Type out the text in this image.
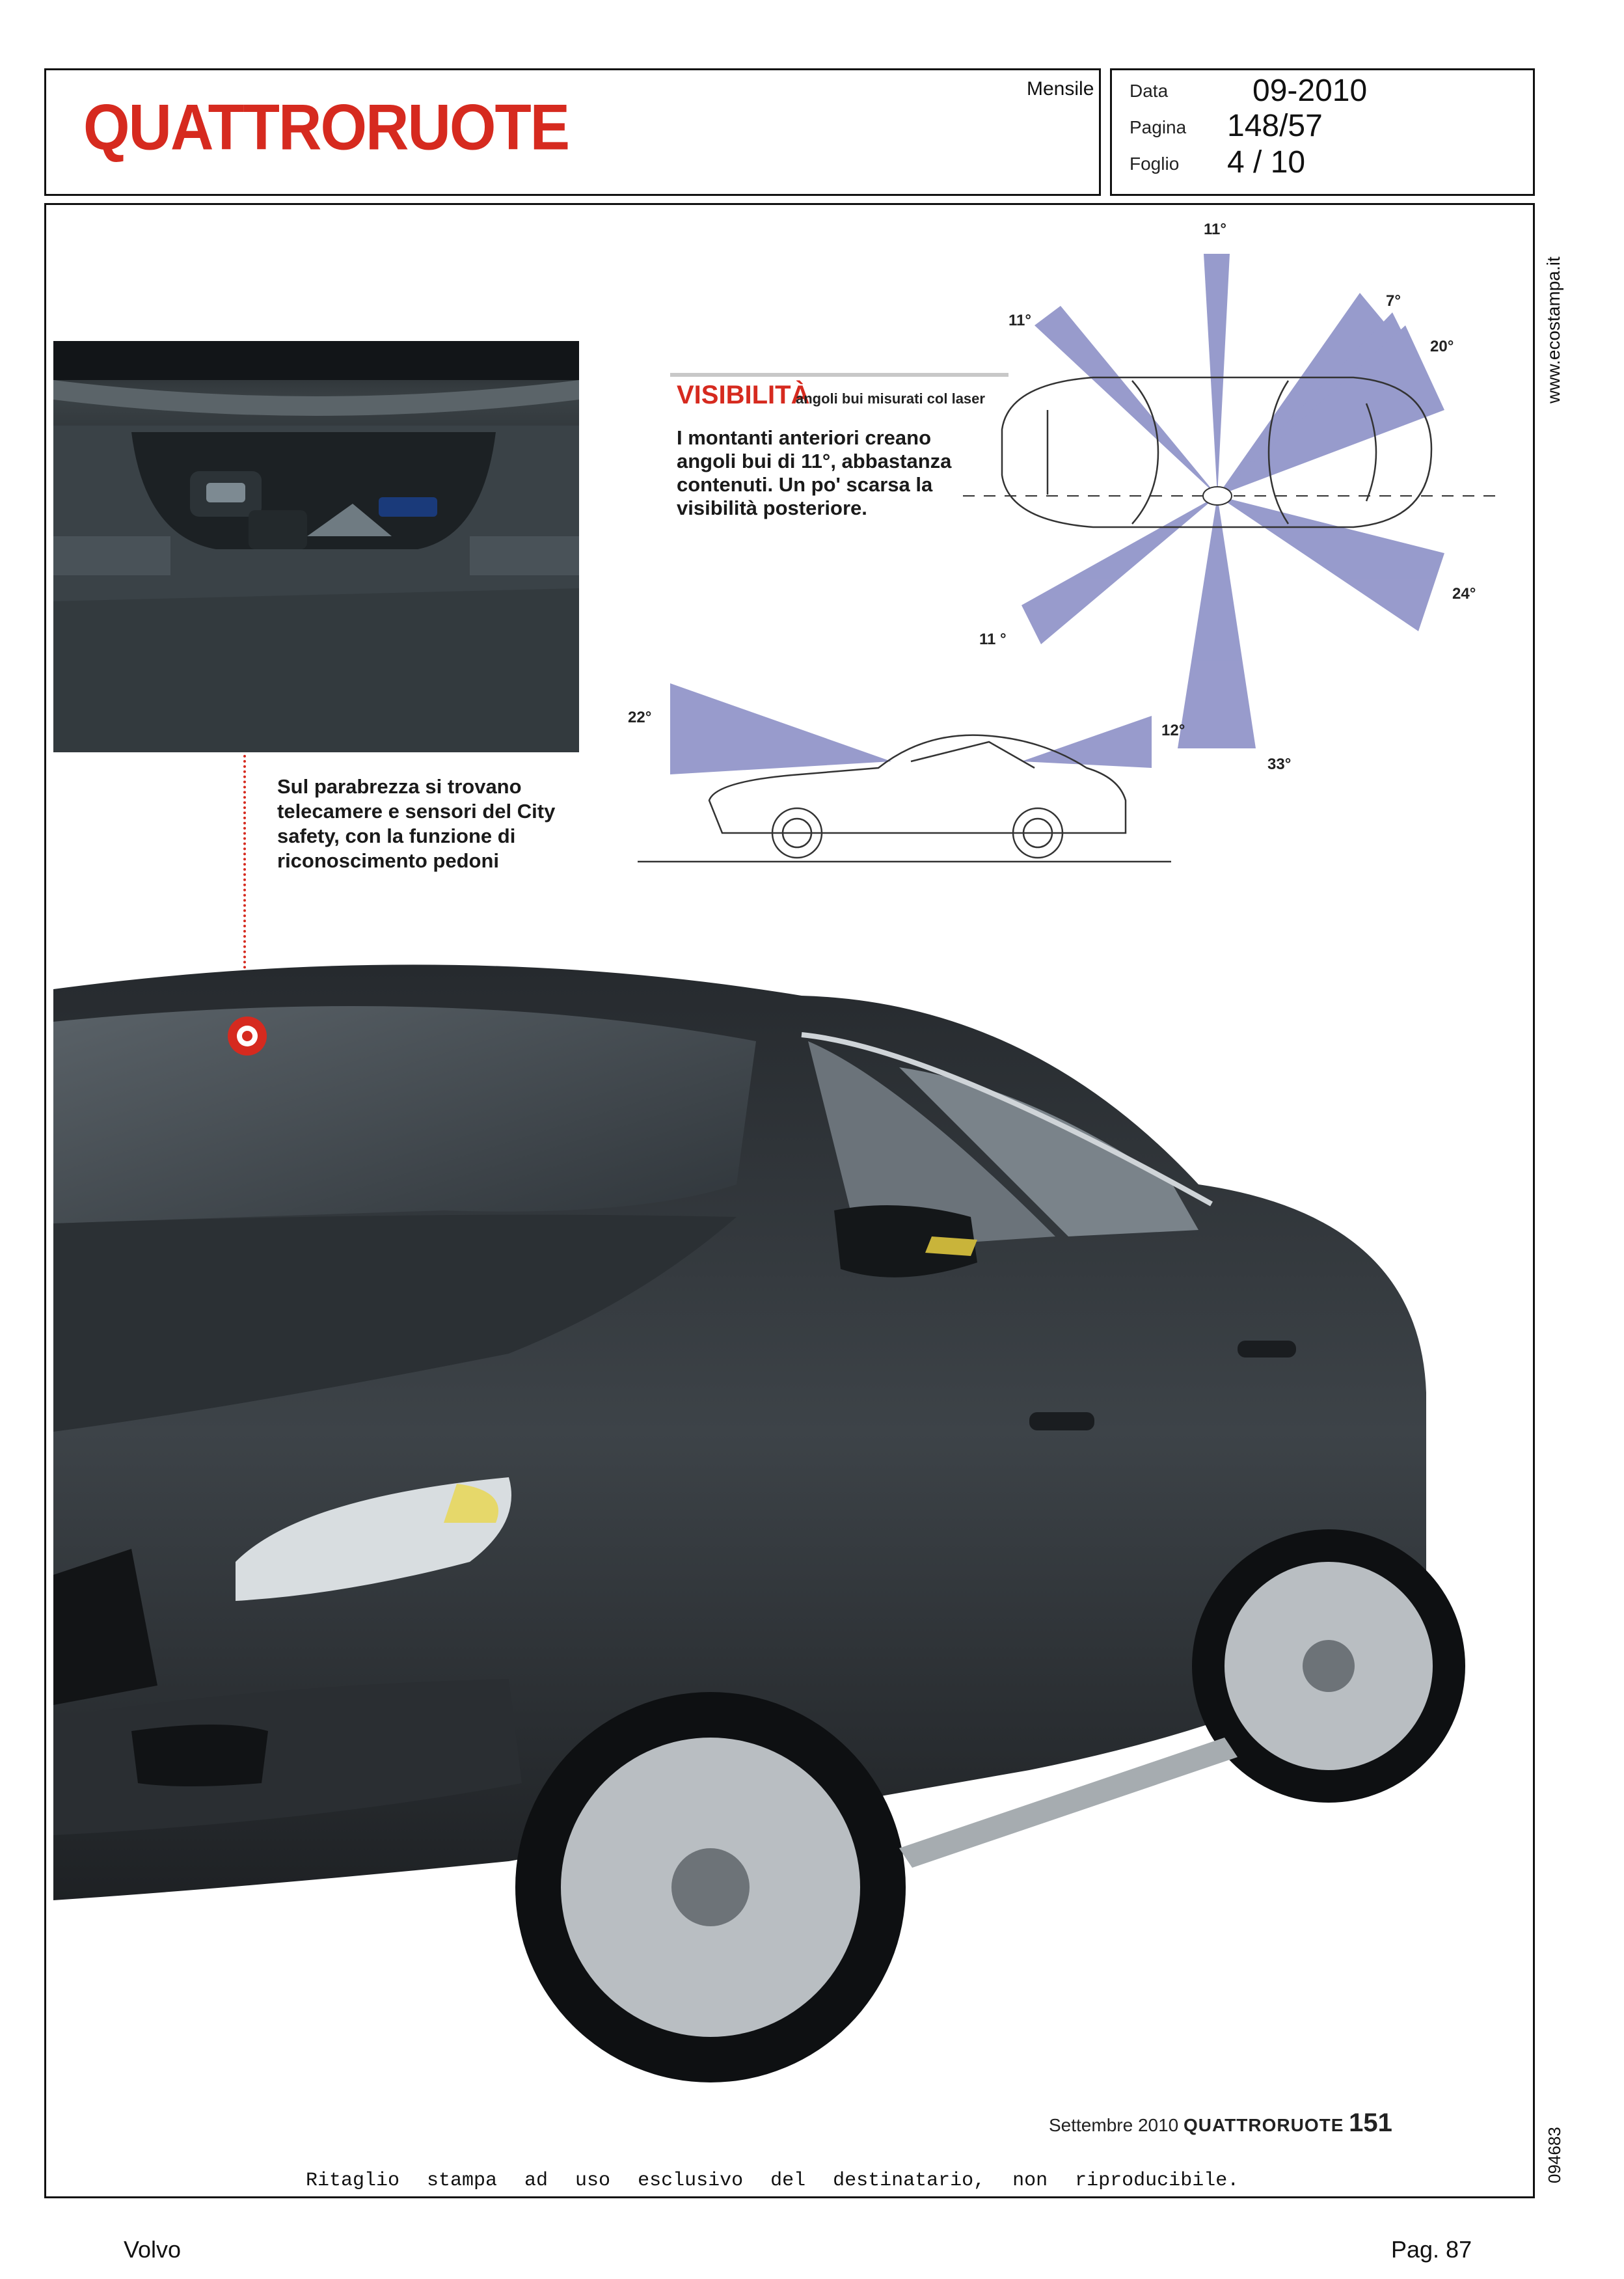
QUATTRORUOTE
Mensile Data	09-2010
Pagina 148/57
Foglio 4 / 10
www.ecostampa.it
094683
Sul parabrezza si trovano telecamere e sensori del City safety, con la funzione di riconoscimento pedoni
VISIBILITÀ
angoli bui misurati col laser
I montanti anteriori creano angoli bui di 11°, abbastanza contenuti. Un po' scarsa la visibilità posteriore.
11°
11°
7°
20°
24°
11 °
33°
22°
12°
Settembre 2010 QUATTRORUOTE 151
Ritaglio stampa ad uso esclusivo del destinatario, non riproducibile.
Volvo	Pag. 87
